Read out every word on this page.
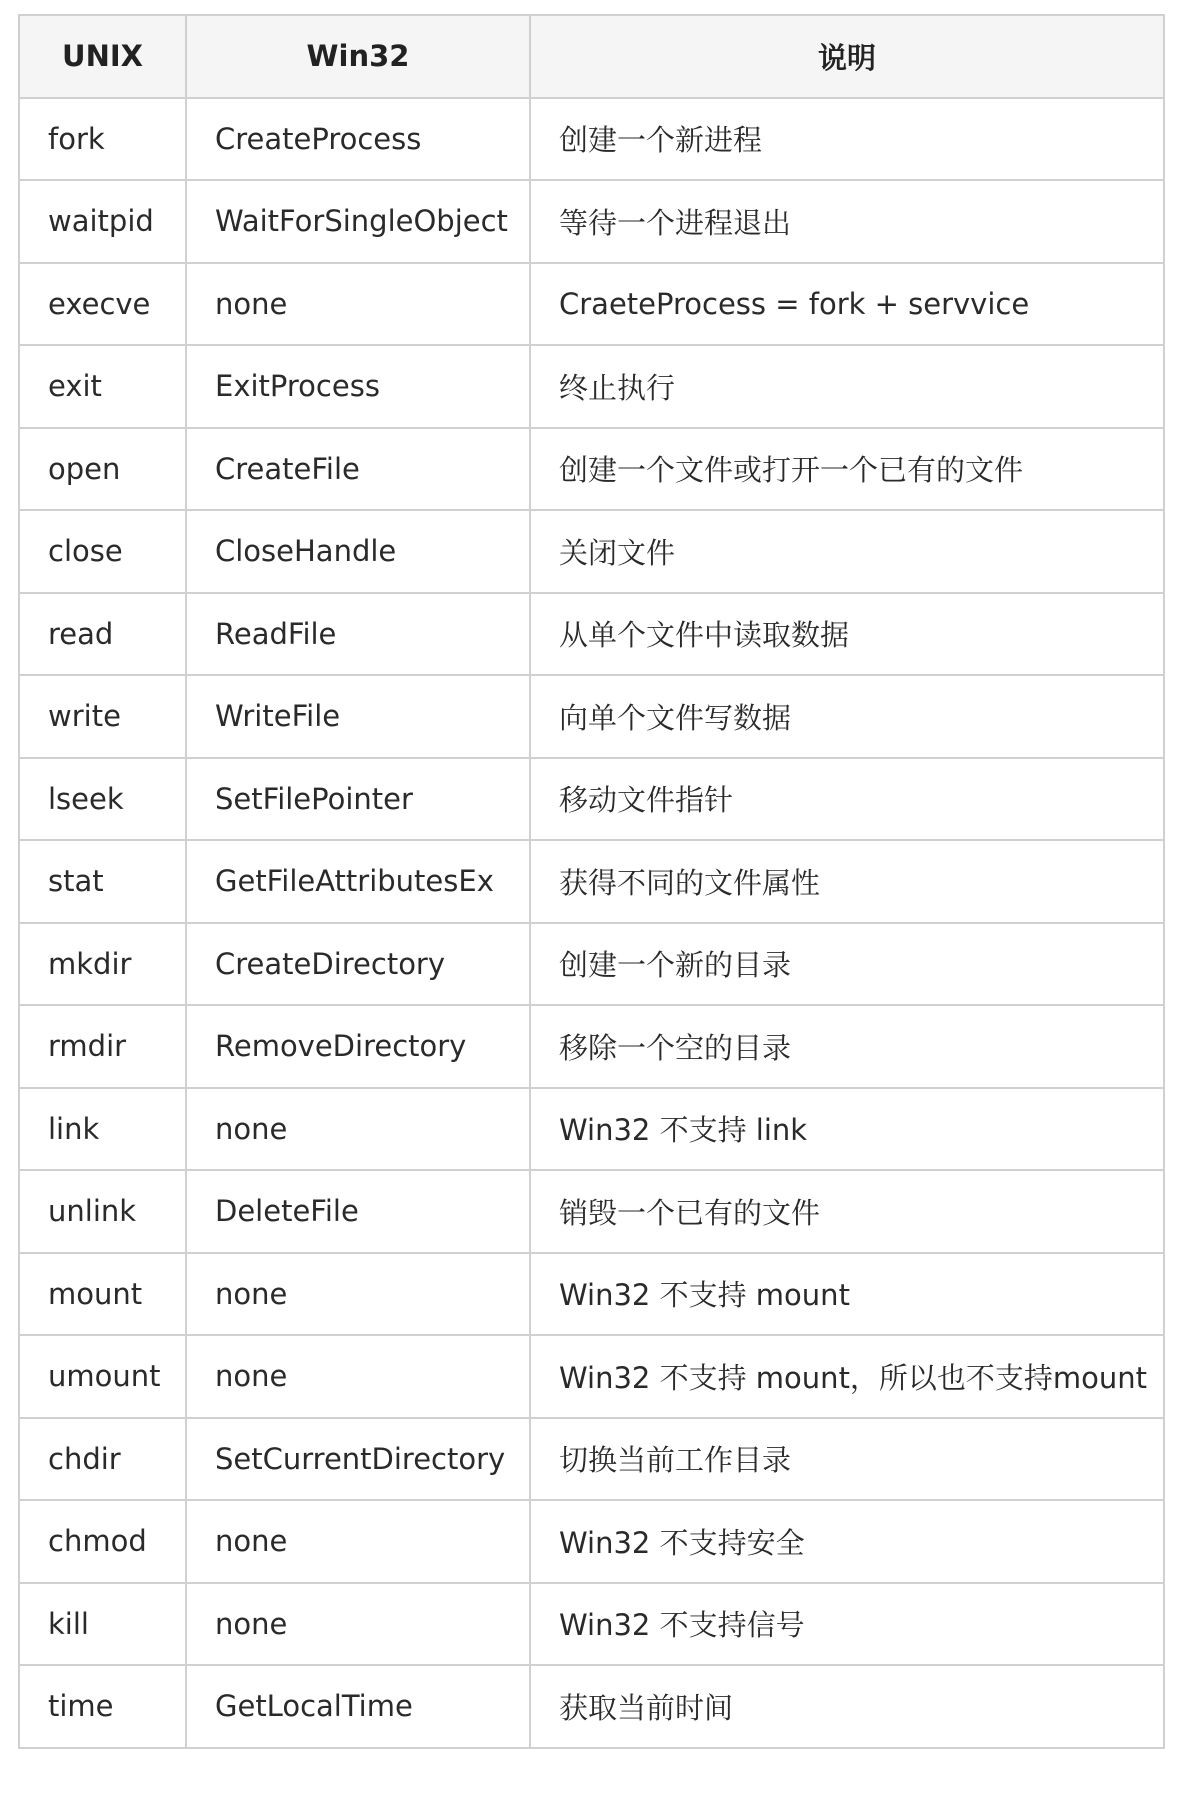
UNIX	Win32	说明
fork	CreateProcess	创建一个新进程
waitpid	WaitForSingleObject	等待一个进程退出
execve	none	CraeteProcess = fork + servvice
exit	ExitProcess	终止执行
open	CreateFile	创建一个文件或打开一个已有的文件
close	CloseHandle	关闭文件
read	ReadFile	从单个文件中读取数据
write	WriteFile	向单个文件写数据
lseek	SetFilePointer	移动文件指针
stat	GetFileAttributesEx	获得不同的文件属性
mkdir	CreateDirectory	创建一个新的目录
rmdir	RemoveDirectory	移除一个空的目录
link	none	Win32 不支持 link
unlink	DeleteFile	销毁一个已有的文件
mount	none	Win32 不支持 mount
umount	none	Win32 不支持 mount，所以也不支持mount
chdir	SetCurrentDirectory	切换当前工作目录
chmod	none	Win32 不支持安全
kill	none	Win32 不支持信号
time	GetLocalTime	获取当前时间
